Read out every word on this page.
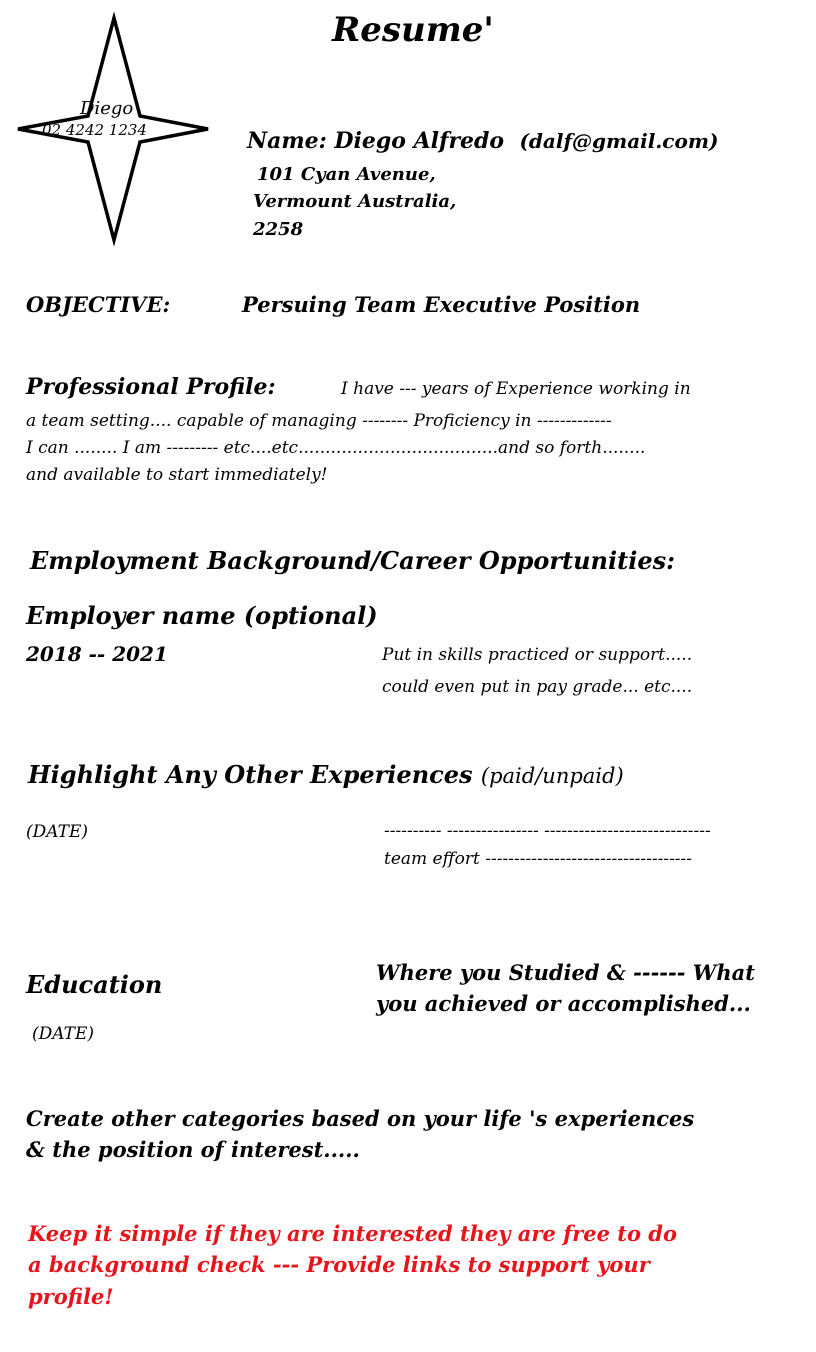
Resume'
Diego
02 4242 1234	Name: Diego Alfredo (dalf@gmail.com)
101 Cyan Avenue,
Vermount Australia,
2258
OBJECTIVE:	Persuing Team Executive Position
Professional Profile:	I have --- years of Experience working in
a team setting.... capable of managing -------- Proficiency in -------------
I can ........ I am --------- etc....etc.....................................and so forth........
and available to start immediately!
Employment Background/Career Opportunities:
Employer name (optional)
2018 -- 2021	Put in skills practiced or support.....
could even put in pay grade... etc....
Highlight Any Other Experiences (paid/unpaid)
(DATE)	---------- ---------------- -----------------------------
team effort ------------------------------------
Education
(DATE)
Where you Studied & ------ What
you achieved or accomplished...
Create other categories based on your life 's experiences
& the position of interest.....
Keep it simple if they are interested they are free to do
a background check --- Provide links to support your
profile!
